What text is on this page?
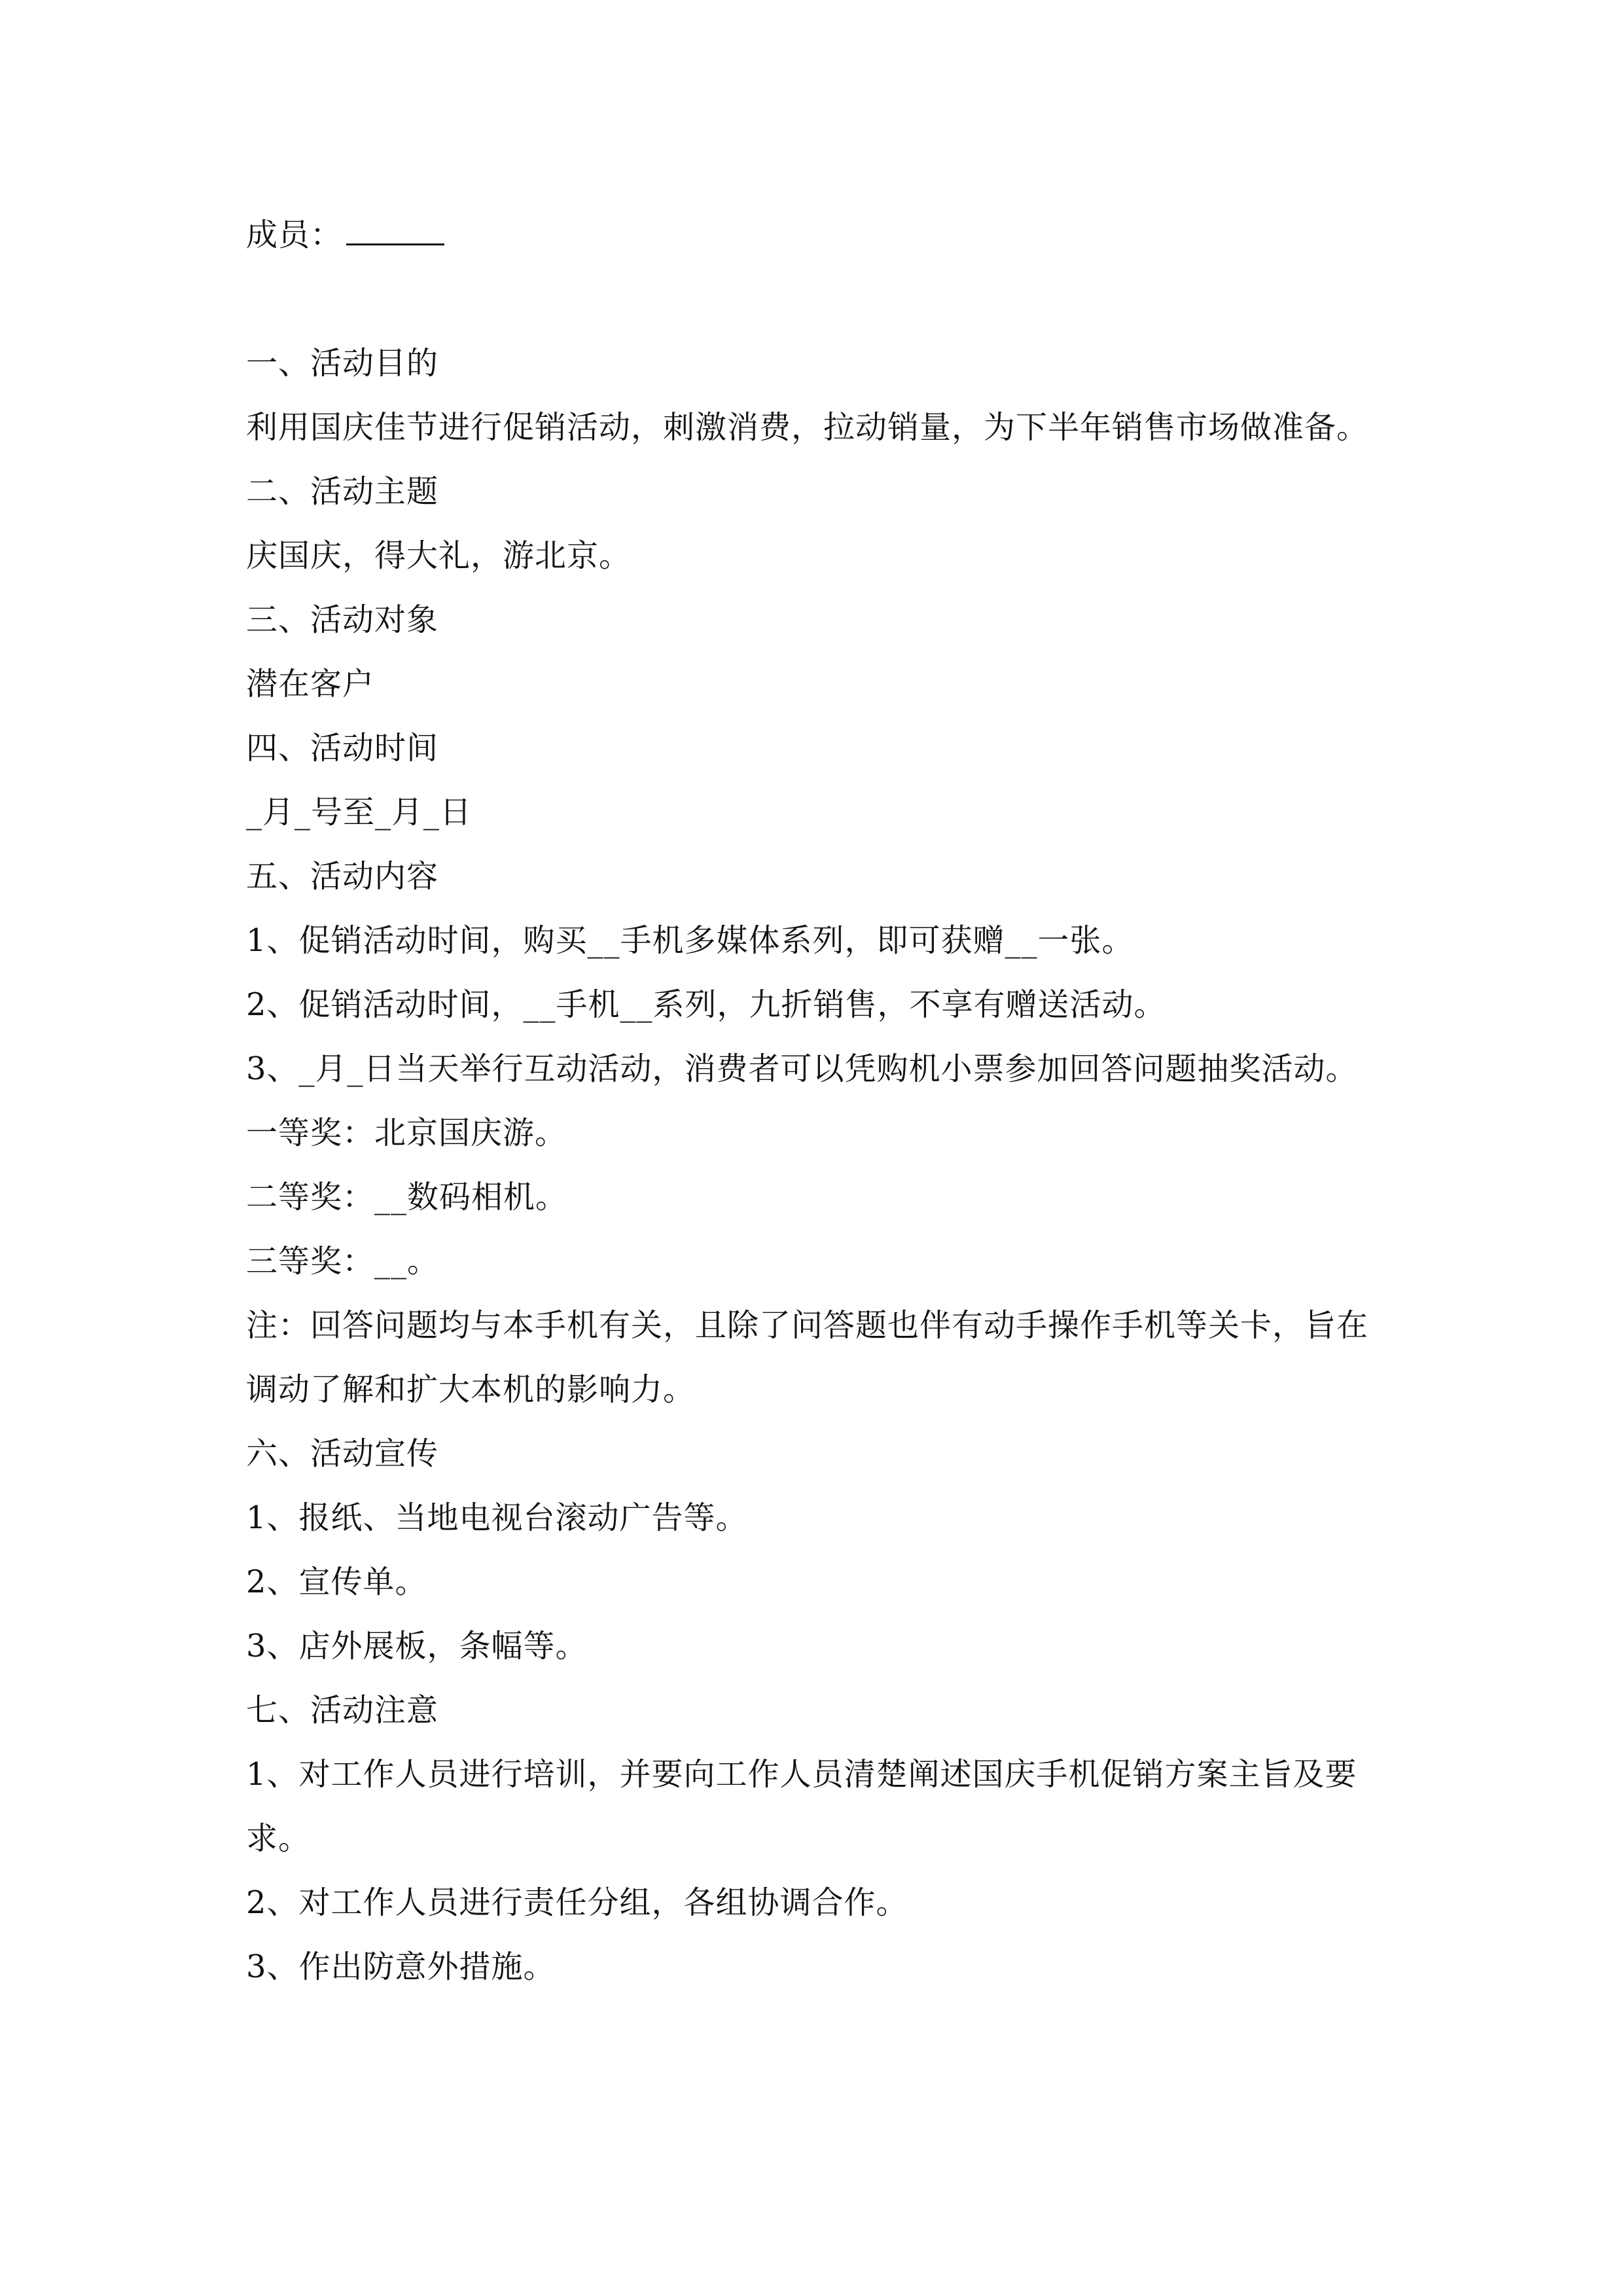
成员：
一、活动目的
利用国庆佳节进行促销活动，刺激消费，拉动销量，为下半年销售市场做准备。
二、活动主题
庆国庆，得大礼，游北京。
三、活动对象
潜在客户
四、活动时间
_月_号至_月_日
五、活动内容
1、促销活动时间，购买__手机多媒体系列，即可获赠__一张。
2、促销活动时间，__手机__系列，九折销售，不享有赠送活动。
3、_月_日当天举行互动活动，消费者可以凭购机小票参加回答问题抽奖活动。
一等奖：北京国庆游。
二等奖：__数码相机。
三等奖：__。
注：回答问题均与本手机有关，且除了问答题也伴有动手操作手机等关卡，旨在调动了解和扩大本机的影响力。
六、活动宣传
1、报纸、当地电视台滚动广告等。
2、宣传单。
3、店外展板，条幅等。
七、活动注意
1、对工作人员进行培训，并要向工作人员清楚阐述国庆手机促销方案主旨及要求。
2、对工作人员进行责任分组，各组协调合作。
3、作出防意外措施。
